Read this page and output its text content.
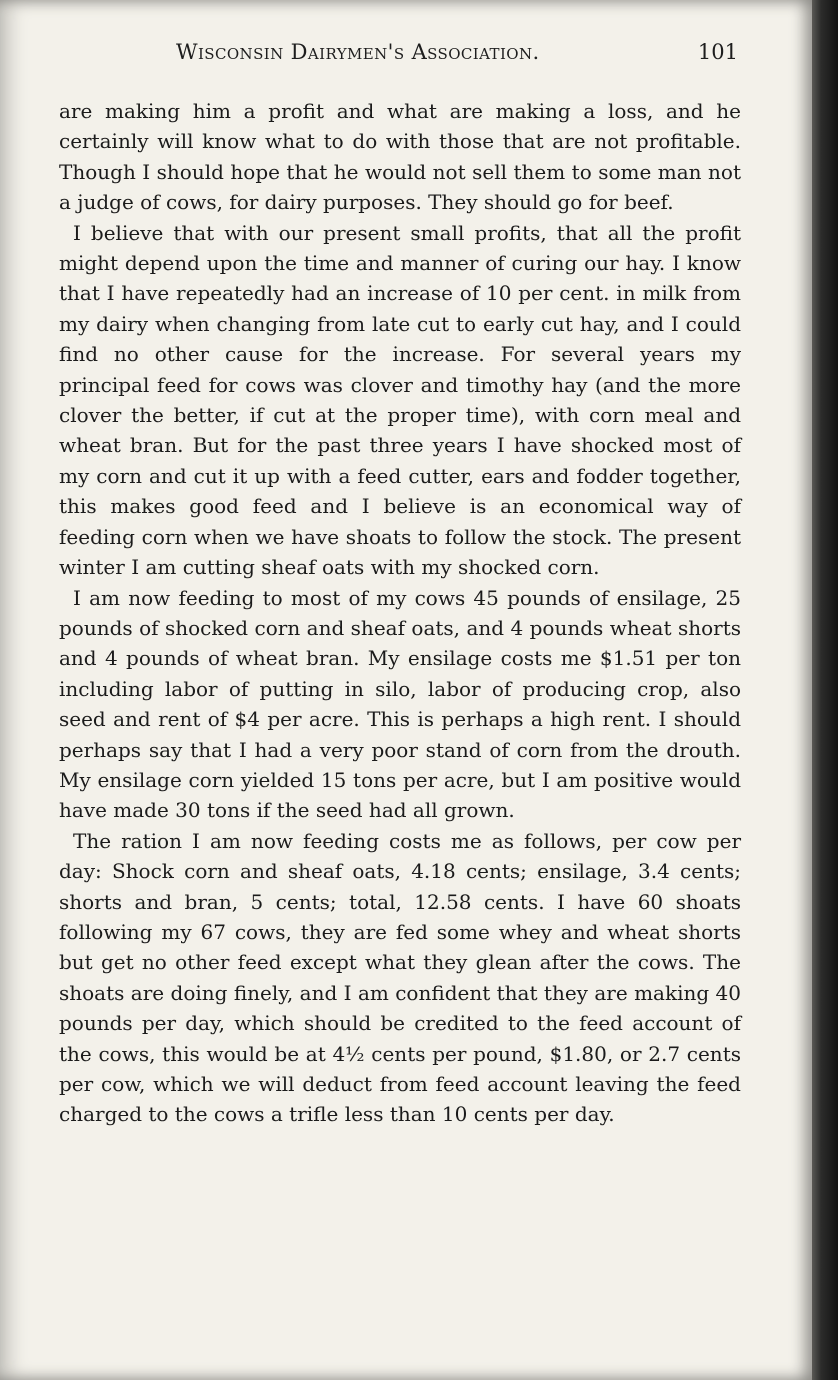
Wisconsin Dairymen's Association.	101

are making him a profit and what are making a loss, and he certainly will know what to do with those that are not profitable. Though I should hope that he would not sell them to some man not a judge of cows, for dairy purposes. They should go for beef.

I believe that with our present small profits, that all the profit might depend upon the time and manner of curing our hay. I know that I have repeatedly had an increase of 10 per cent. in milk from my dairy when changing from late cut to early cut hay, and I could find no other cause for the increase. For several years my principal feed for cows was clover and timothy hay (and the more clover the better, if cut at the proper time), with corn meal and wheat bran. But for the past three years I have shocked most of my corn and cut it up with a feed cutter, ears and fodder together, this makes good feed and I believe is an economical way of feeding corn when we have shoats to follow the stock. The present winter I am cutting sheaf oats with my shocked corn.

I am now feeding to most of my cows 45 pounds of ensilage, 25 pounds of shocked corn and sheaf oats, and 4 pounds wheat shorts and 4 pounds of wheat bran. My ensilage costs me $1.51 per ton including labor of putting in silo, labor of producing crop, also seed and rent of $4 per acre. This is perhaps a high rent. I should perhaps say that I had a very poor stand of corn from the drouth. My ensilage corn yielded 15 tons per acre, but I am positive would have made 30 tons if the seed had all grown.

The ration I am now feeding costs me as follows, per cow per day: Shock corn and sheaf oats, 4.18 cents; ensilage, 3.4 cents; shorts and bran, 5 cents; total, 12.58 cents. I have 60 shoats following my 67 cows, they are fed some whey and wheat shorts but get no other feed except what they glean after the cows. The shoats are doing finely, and I am confident that they are making 40 pounds per day, which should be credited to the feed account of the cows, this would be at 4½ cents per pound, $1.80, or 2.7 cents per cow, which we will deduct from feed account leaving the feed charged to the cows a trifle less than 10 cents per day.
